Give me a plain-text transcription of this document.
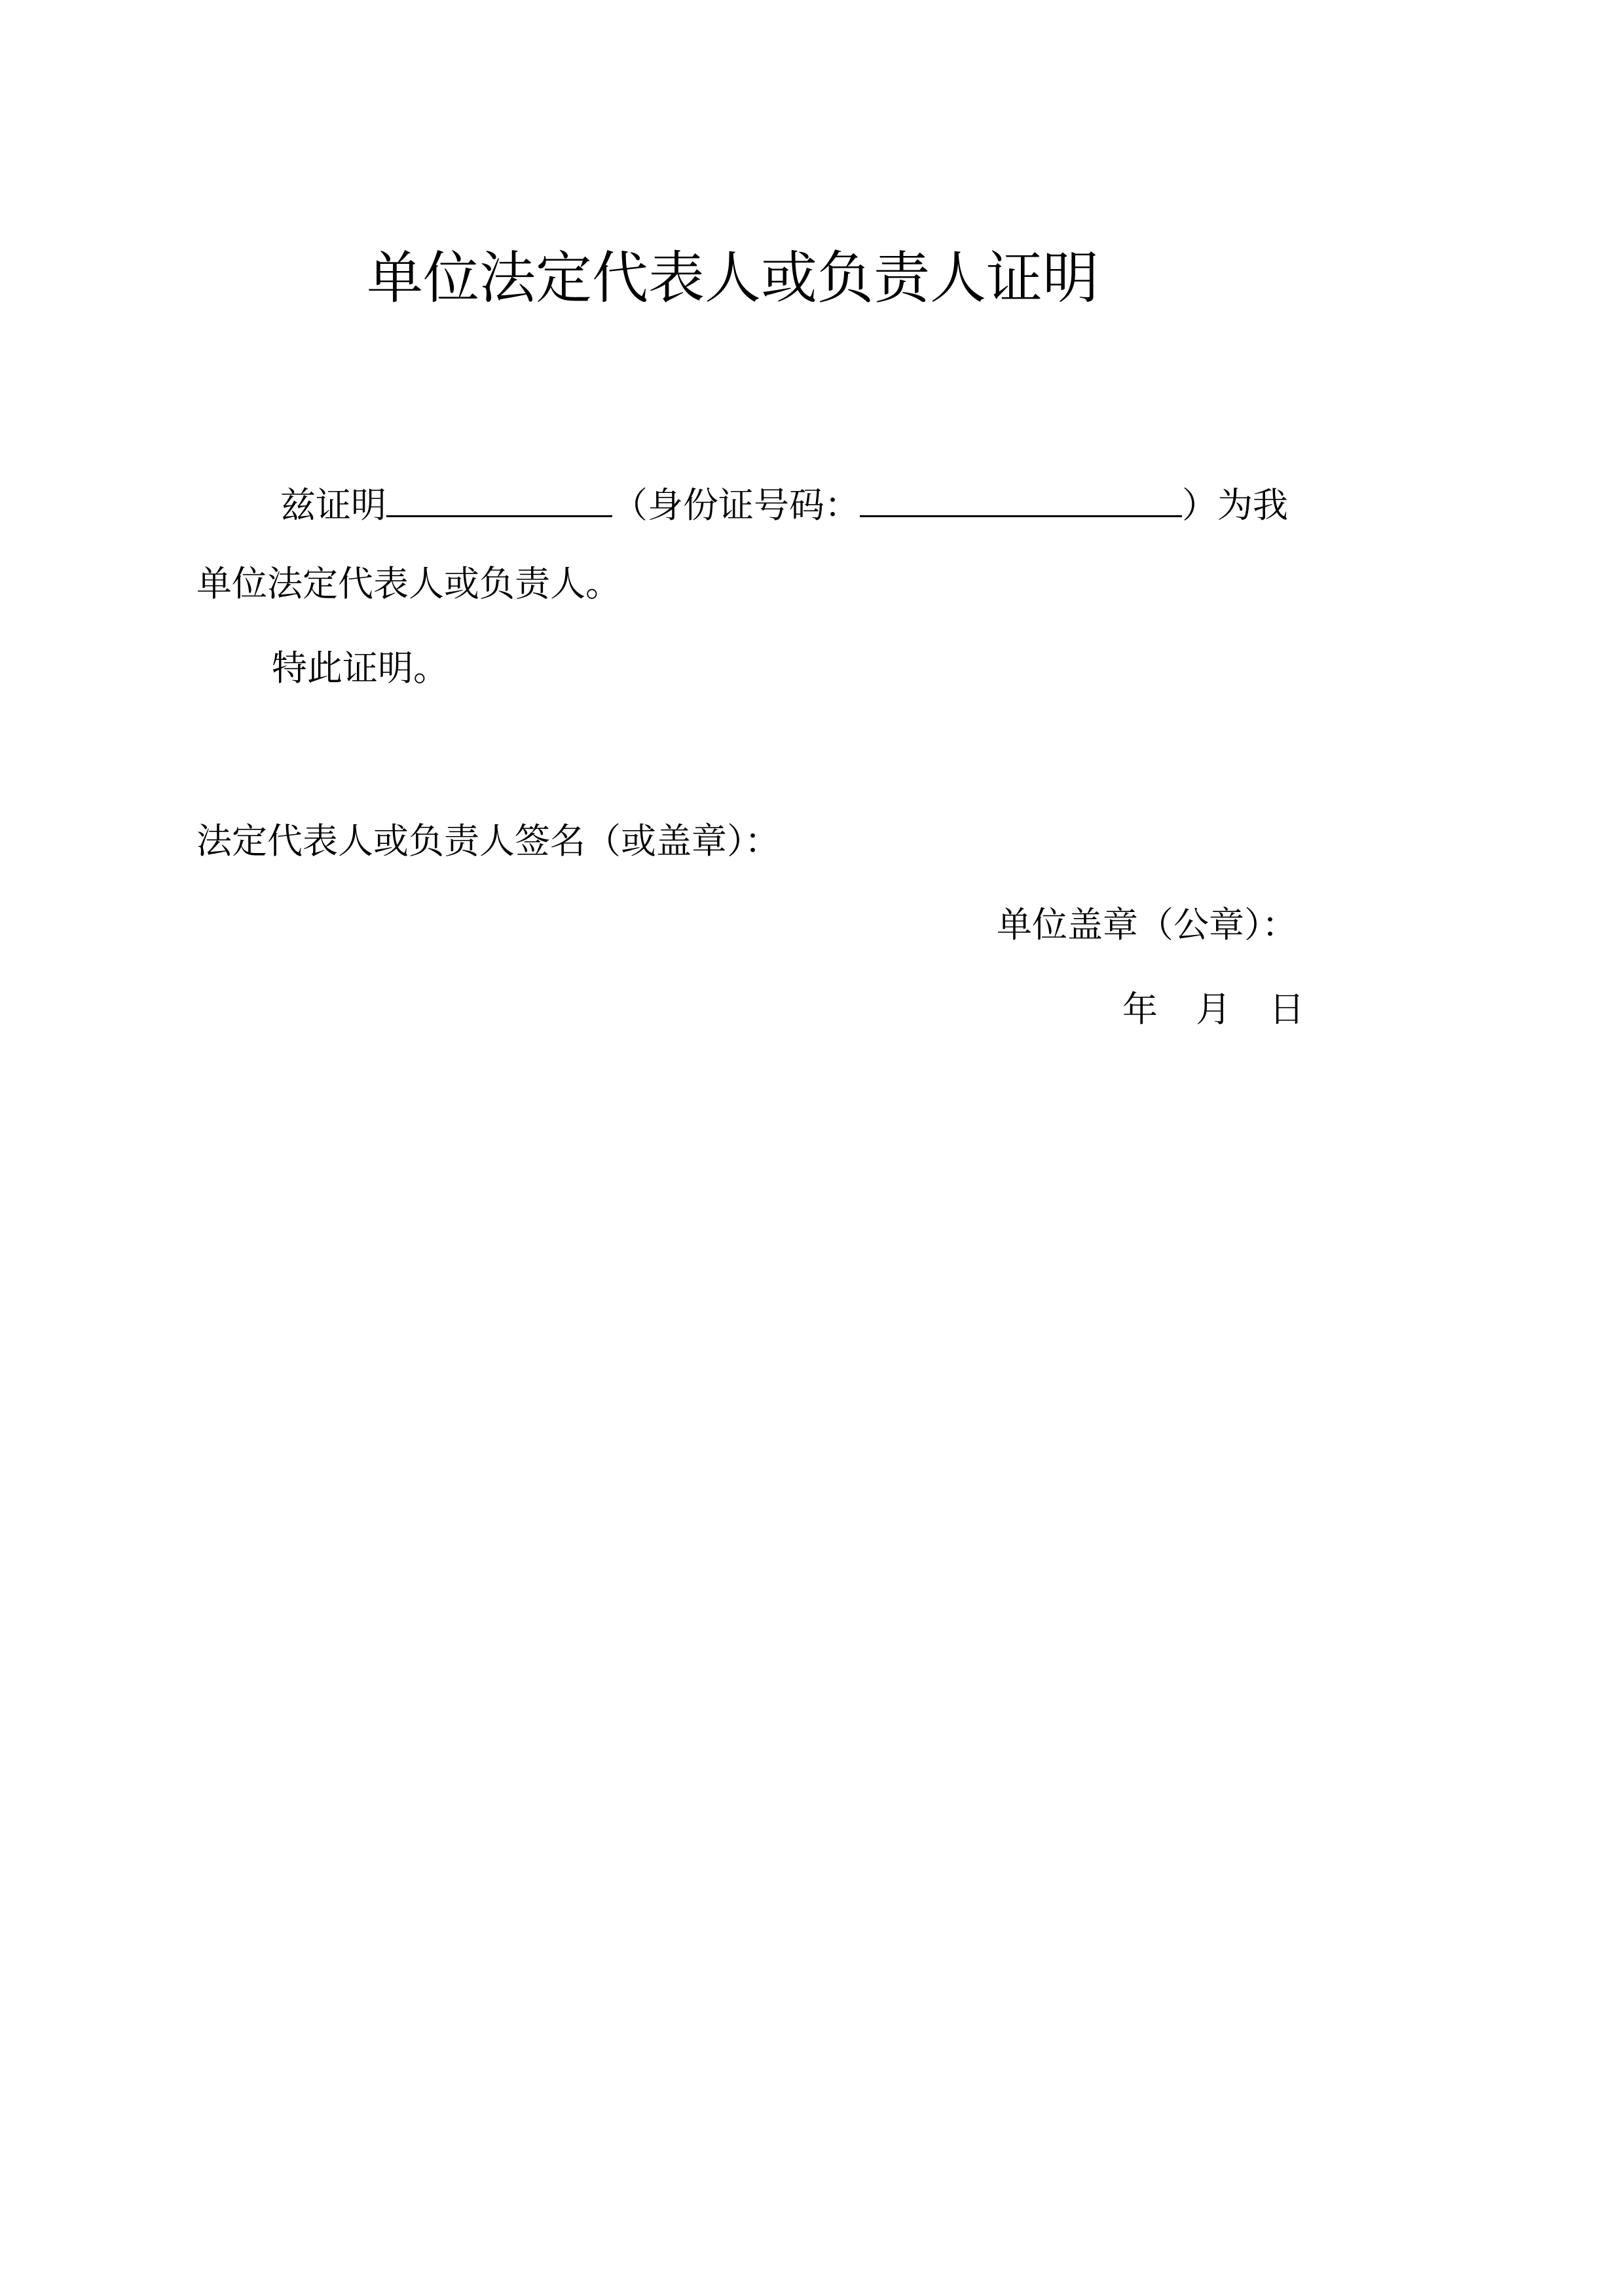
单位法定代表人或负责人证明
兹证明	（身份证号码：	）为我
单位法定代表人或负责人。
特此证明。
法定代表人或负责人签名（或盖章）：
单位盖章（公章）：
年 月 日
